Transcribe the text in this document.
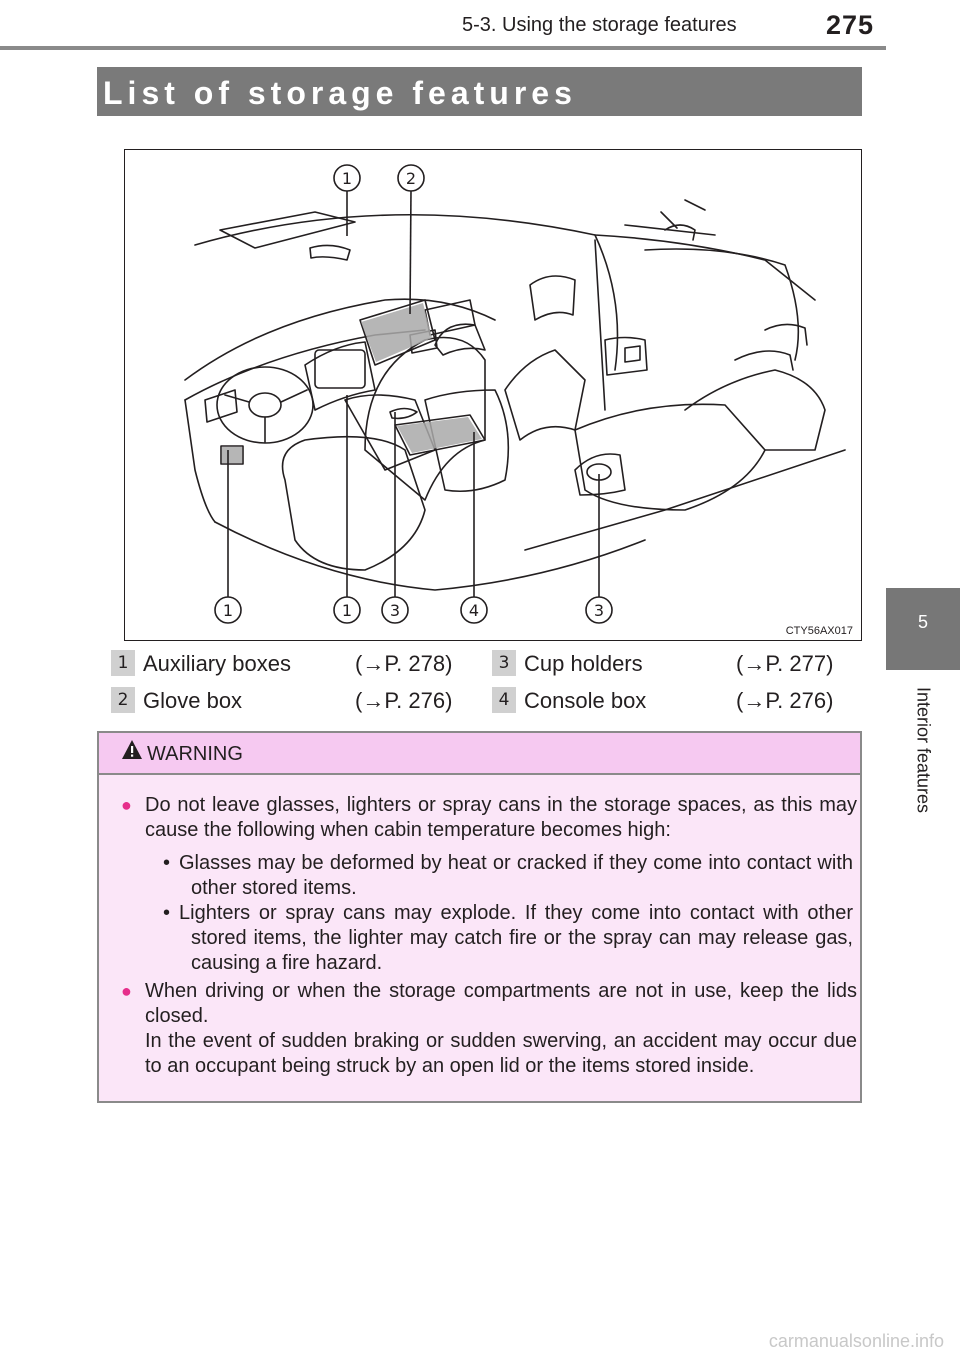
5-3. Using the storage features	275
5
Interior features
List of storage features
1	2
1	1 3	4	3
CTY56AX017
1 Auxiliary boxes	(→P. 278)
2 Glove box	(→P. 276)
3 Cup holders	(→P. 277)
4 Console box	(→P. 276)
WARNING
● Do not leave glasses, lighters or spray cans in the storage spaces, as this may cause the following when cabin temperature becomes high:
• Glasses may be deformed by heat or cracked if they come into contact with other stored items.
• Lighters or spray cans may explode. If they come into contact with other stored items, the lighter may catch fire or the spray can may release gas, causing a fire hazard.
● When driving or when the storage compartments are not in use, keep the lids closed.
In the event of sudden braking or sudden swerving, an accident may occur due to an occupant being struck by an open lid or the items stored inside.
carmanualsonline.info
